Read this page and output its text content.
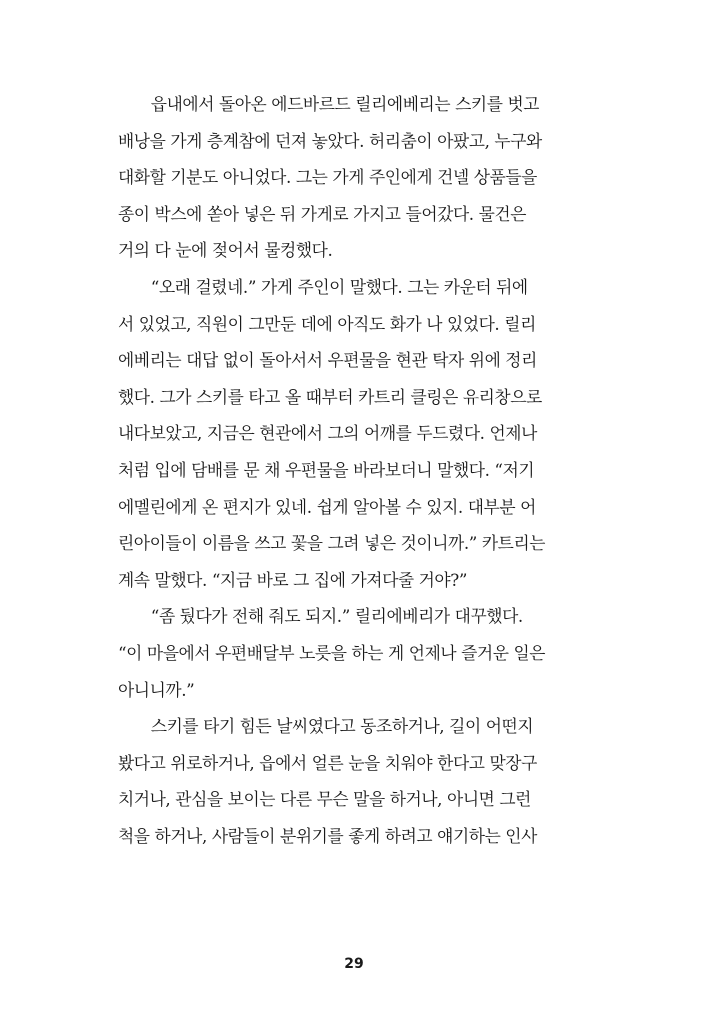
　　읍내에서 돌아온 에드바르드 릴리에베리는 스키를 벗고
배낭을 가게 층계참에 던져 놓았다. 허리춤이 아팠고, 누구와
대화할 기분도 아니었다. 그는 가게 주인에게 건넬 상품들을
종이 박스에 쏟아 넣은 뒤 가게로 가지고 들어갔다. 물건은
거의 다 눈에 젖어서 물컹했다.
　　“오래 걸렸네.” 가게 주인이 말했다. 그는 카운터 뒤에
서 있었고, 직원이 그만둔 데에 아직도 화가 나 있었다. 릴리
에베리는 대답 없이 돌아서서 우편물을 현관 탁자 위에 정리
했다. 그가 스키를 타고 올 때부터 카트리 클링은 유리창으로
내다보았고, 지금은 현관에서 그의 어깨를 두드렸다. 언제나
처럼 입에 담배를 문 채 우편물을 바라보더니 말했다. “저기
에멜린에게 온 편지가 있네. 쉽게 알아볼 수 있지. 대부분 어
린아이들이 이름을 쓰고 꽃을 그려 넣은 것이니까.” 카트리는
계속 말했다. “지금 바로 그 집에 가져다줄 거야?”
　　“좀 뒀다가 전해 줘도 되지.” 릴리에베리가 대꾸했다.
“이 마을에서 우편배달부 노릇을 하는 게 언제나 즐거운 일은
아니니까.”
　　스키를 타기 힘든 날씨였다고 동조하거나, 길이 어떤지
봤다고 위로하거나, 읍에서 얼른 눈을 치워야 한다고 맞장구
치거나, 관심을 보이는 다른 무슨 말을 하거나, 아니면 그런
척을 하거나, 사람들이 분위기를 좋게 하려고 얘기하는 인사
29
